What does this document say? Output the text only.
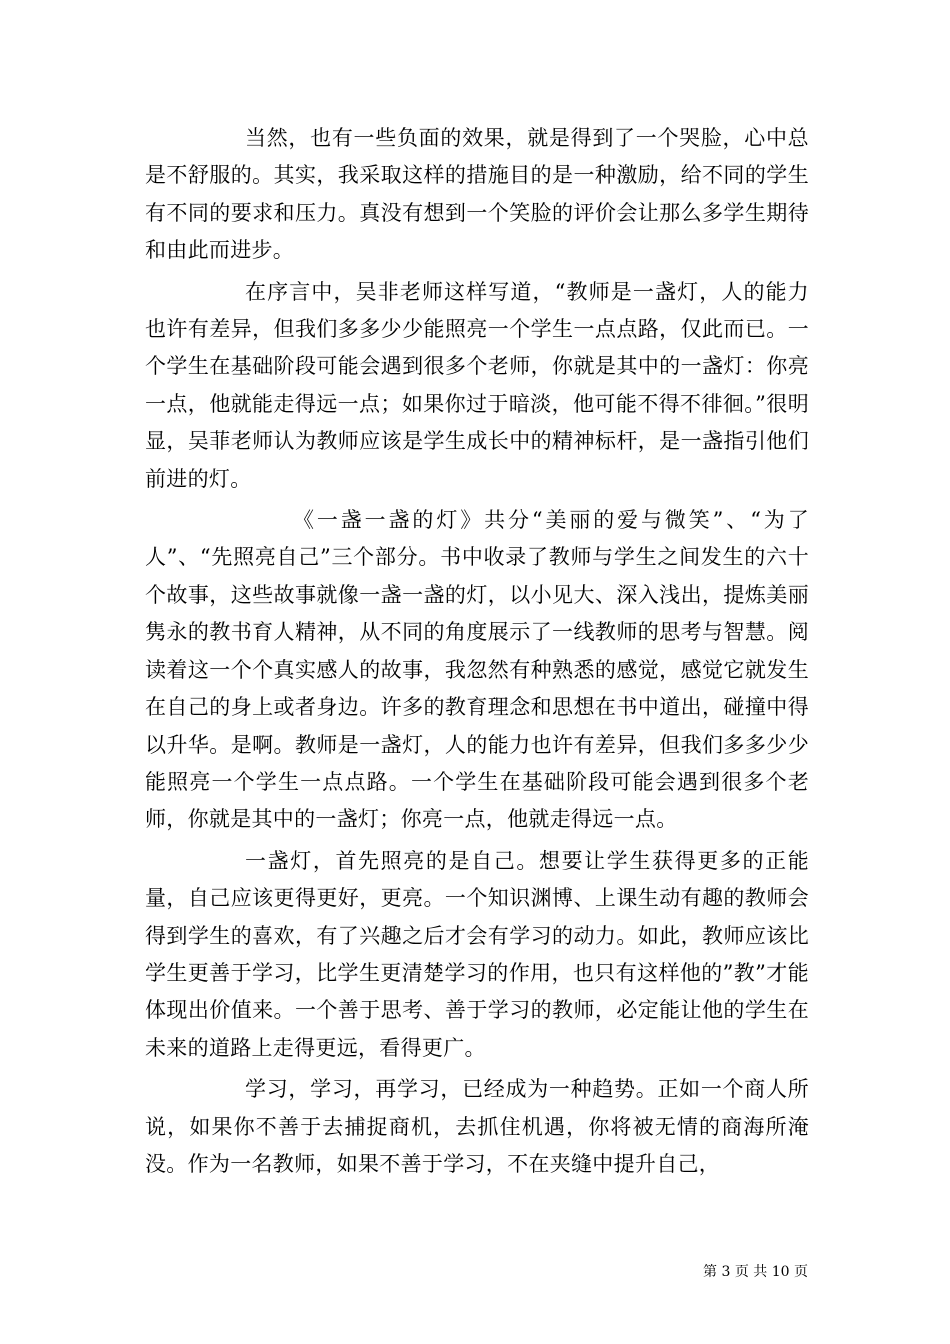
当然，也有一些负面的效果，就是得到了一个哭脸，心中总是不舒服的。其实，我采取这样的措施目的是一种激励，给不同的学生有不同的要求和压力。真没有想到一个笑脸的评价会让那么多学生期待和由此而进步。

在序言中，吴非老师这样写道，“教师是一盏灯，人的能力也许有差异，但我们多多少少能照亮一个学生一点点路，仅此而已。一个学生在基础阶段可能会遇到很多个老师，你就是其中的一盏灯：你亮一点，他就能走得远一点；如果你过于暗淡，他可能不得不徘徊。”很明显，吴菲老师认为教师应该是学生成长中的精神标杆，是一盏指引他们前进的灯。

《一盏一盏的灯》共分“美丽的爱与微笑”、“为了人”、“先照亮自己”三个部分。书中收录了教师与学生之间发生的六十个故事，这些故事就像一盏一盏的灯，以小见大、深入浅出，提炼美丽隽永的教书育人精神，从不同的角度展示了一线教师的思考与智慧。阅读着这一个个真实感人的故事，我忽然有种熟悉的感觉，感觉它就发生在自己的身上或者身边。许多的教育理念和思想在书中道出，碰撞中得以升华。是啊。教师是一盏灯，人的能力也许有差异，但我们多多少少能照亮一个学生一点点路。一个学生在基础阶段可能会遇到很多个老师，你就是其中的一盏灯；你亮一点，他就走得远一点。

一盏灯，首先照亮的是自己。想要让学生获得更多的正能量，自己应该更得更好，更亮。一个知识渊博、上课生动有趣的教师会得到学生的喜欢，有了兴趣之后才会有学习的动力。如此，教师应该比学生更善于学习，比学生更清楚学习的作用，也只有这样他的”教”才能体现出价值来。一个善于思考、善于学习的教师，必定能让他的学生在未来的道路上走得更远，看得更广。

学习，学习，再学习，已经成为一种趋势。正如一个商人所说，如果你不善于去捕捉商机，去抓住机遇，你将被无情的商海所淹没。作为一名教师，如果不善于学习，不在夹缝中提升自己，

第 3 页 共 10 页
